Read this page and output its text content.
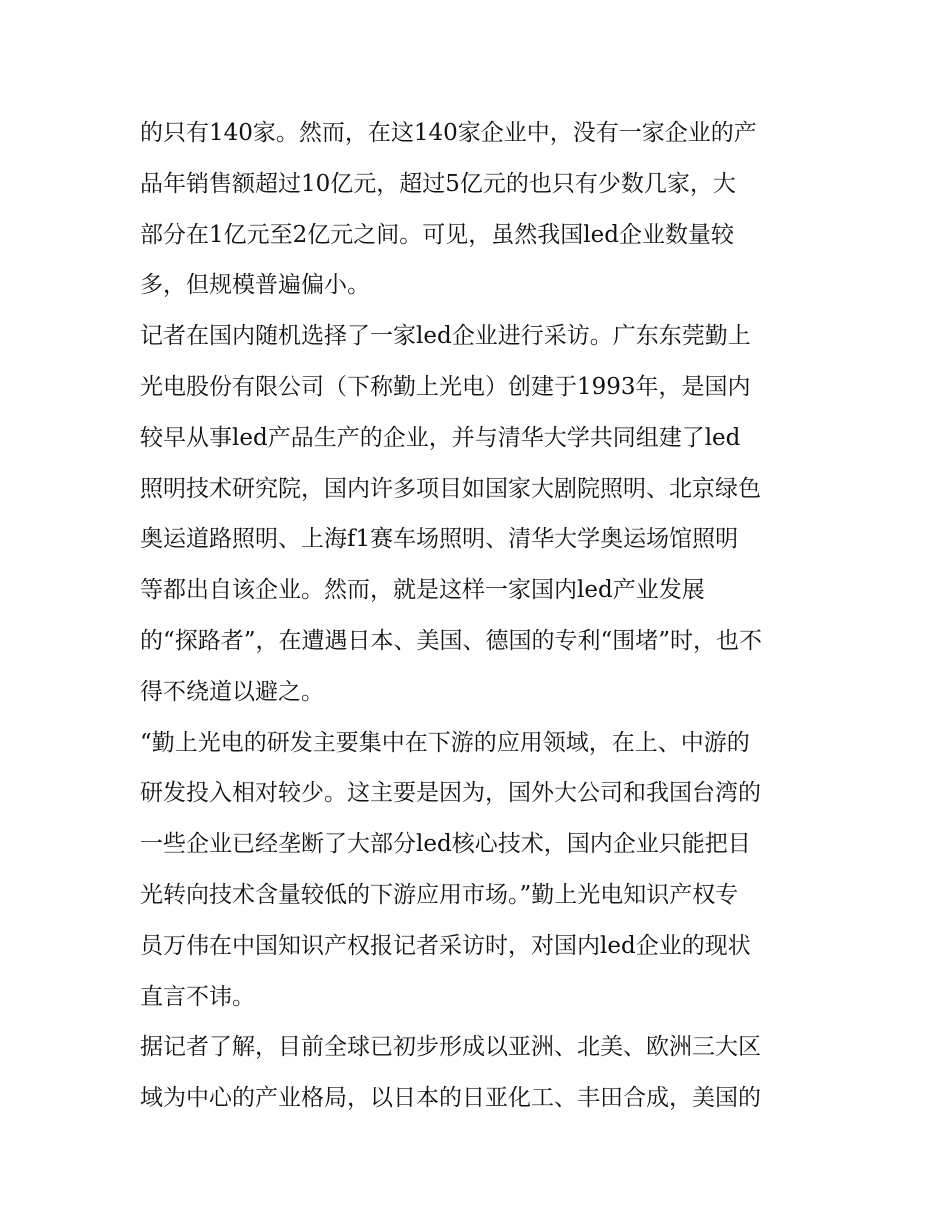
的只有140家。然而，在这140家企业中，没有一家企业的产
品年销售额超过10亿元，超过5亿元的也只有少数几家，大
部分在1亿元至2亿元之间。可见，虽然我国led企业数量较
多，但规模普遍偏小。
记者在国内随机选择了一家led企业进行采访。广东东莞勤上
光电股份有限公司（下称勤上光电）创建于1993年，是国内
较早从事led产品生产的企业，并与清华大学共同组建了led
照明技术研究院，国内许多项目如国家大剧院照明、北京绿色
奥运道路照明、上海f1赛车场照明、清华大学奥运场馆照明
等都出自该企业。然而，就是这样一家国内led产业发展
的“探路者”，在遭遇日本、美国、德国的专利“围堵”时，也不
得不绕道以避之。
“勤上光电的研发主要集中在下游的应用领域，在上、中游的
研发投入相对较少。这主要是因为，国外大公司和我国台湾的
一些企业已经垄断了大部分led核心技术，国内企业只能把目
光转向技术含量较低的下游应用市场。”勤上光电知识产权专
员万伟在中国知识产权报记者采访时，对国内led企业的现状
直言不讳。
据记者了解，目前全球已初步形成以亚洲、北美、欧洲三大区
域为中心的产业格局，以日本的日亚化工、丰田合成，美国的
